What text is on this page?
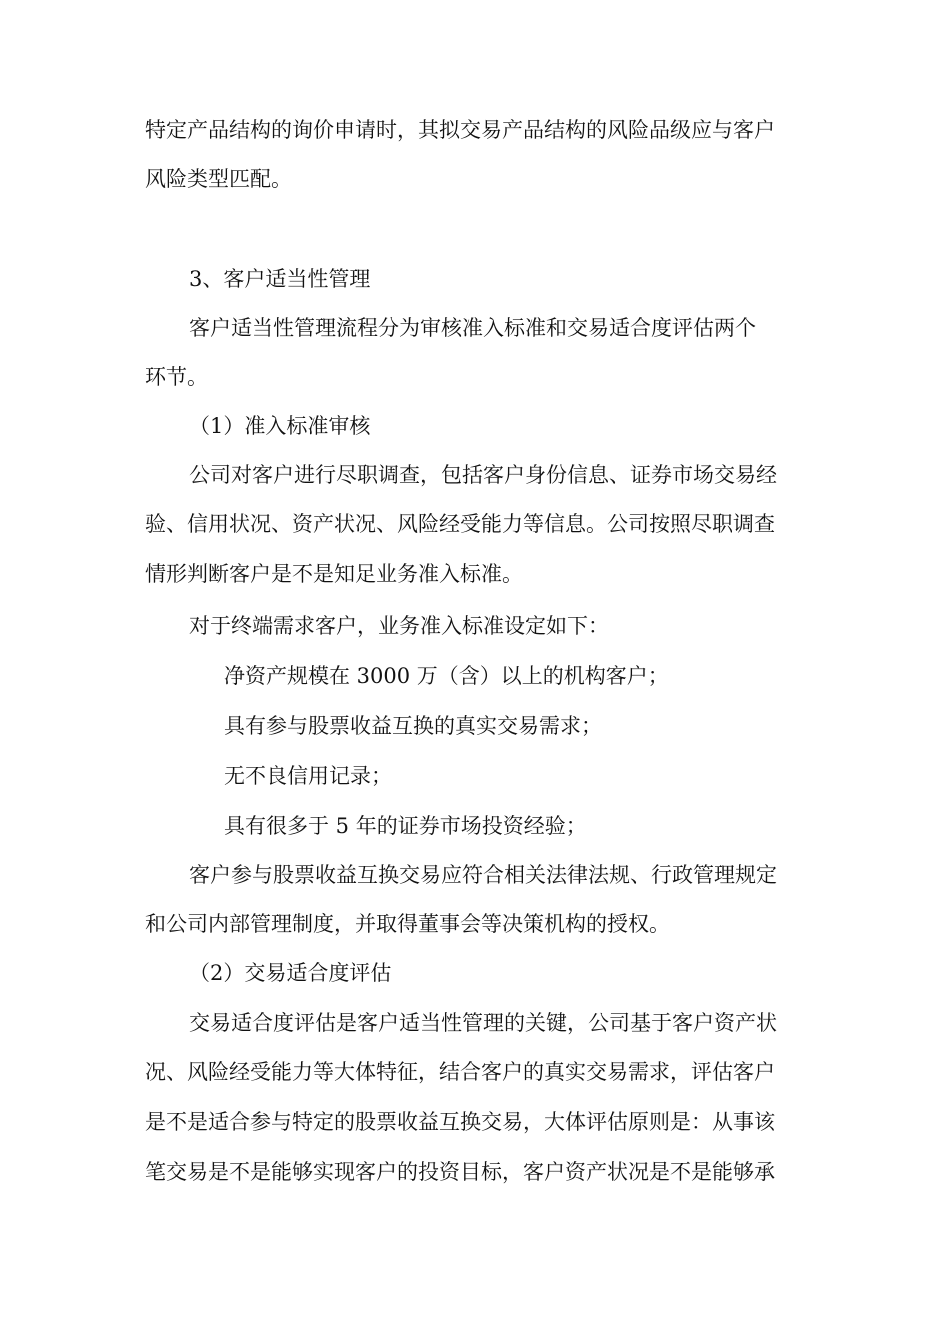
特定产品结构的询价申请时，其拟交易产品结构的风险品级应与客户
风险类型匹配。
3、客户适当性管理
客户适当性管理流程分为审核准入标准和交易适合度评估两个
环节。
（1）准入标准审核
公司对客户进行尽职调查，包括客户身份信息、证券市场交易经
验、信用状况、资产状况、风险经受能力等信息。公司按照尽职调查
情形判断客户是不是知足业务准入标准。
对于终端需求客户，业务准入标准设定如下：
净资产规模在 3000 万（含）以上的机构客户；
具有参与股票收益互换的真实交易需求；
无不良信用记录；
具有很多于 5 年的证券市场投资经验；
客户参与股票收益互换交易应符合相关法律法规、行政管理规定
和公司内部管理制度，并取得董事会等决策机构的授权。
（2）交易适合度评估
交易适合度评估是客户适当性管理的关键，公司基于客户资产状
况、风险经受能力等大体特征，结合客户的真实交易需求，评估客户
是不是适合参与特定的股票收益互换交易，大体评估原则是：从事该
笔交易是不是能够实现客户的投资目标，客户资产状况是不是能够承
